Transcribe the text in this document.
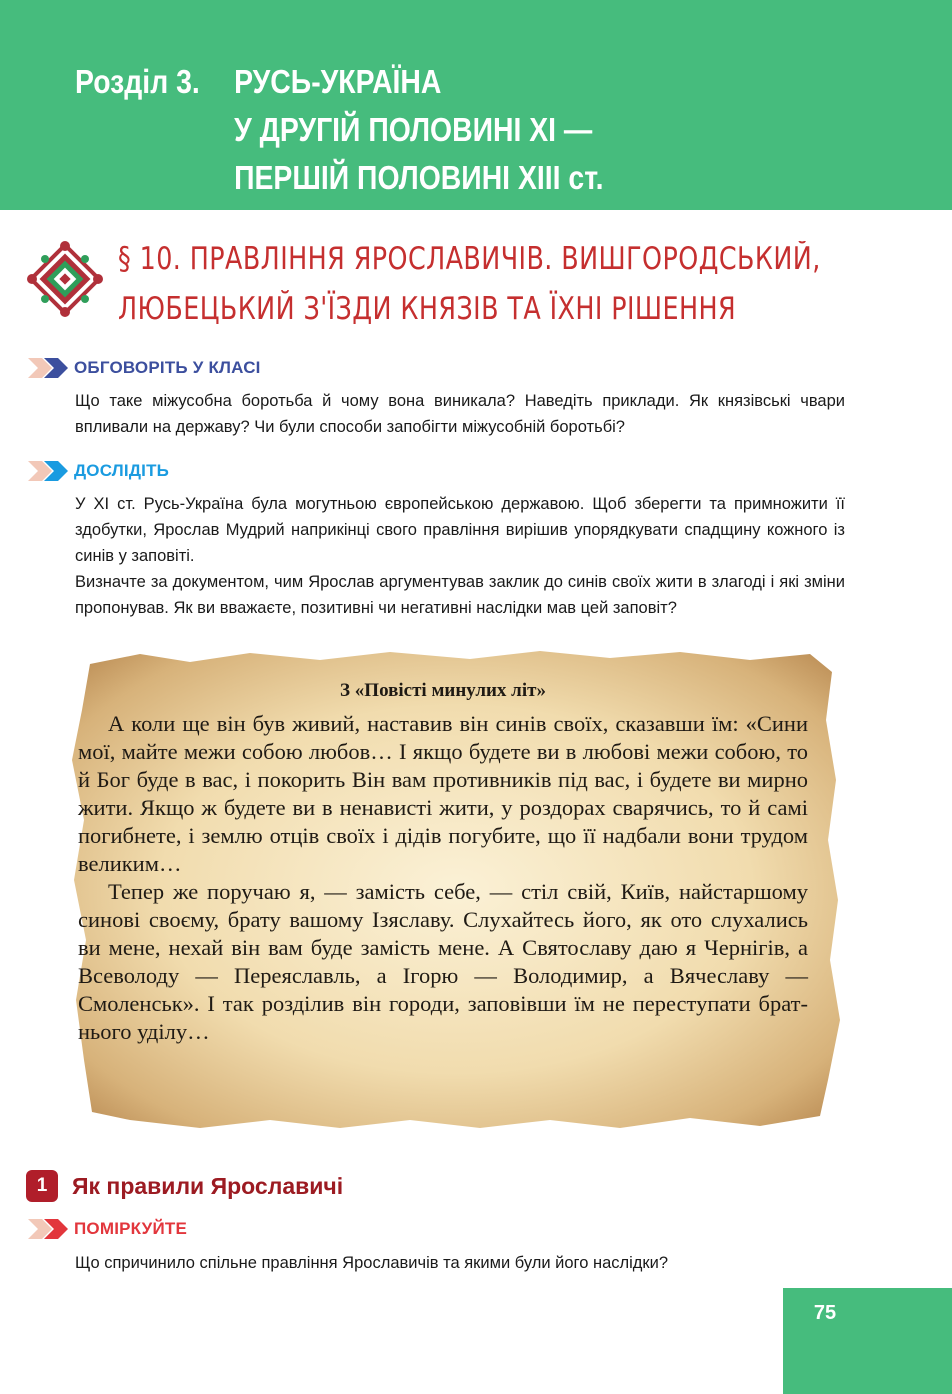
Розділ 3. РУСЬ-УКРАЇНА
У ДРУГІЙ ПОЛОВИНІ XI —
ПЕРШІЙ ПОЛОВИНІ XIII ст.
§ 10. ПРАВЛІННЯ ЯРОСЛАВИЧІВ. ВИШГОРОДСЬКИЙ,
ЛЮБЕЦЬКИЙ З'ЇЗДИ КНЯЗІВ ТА ЇХНІ РІШЕННЯ
ОБГОВОРІТЬ У КЛАСІ

Що таке міжусобна боротьба й чому вона виникала? Наведіть приклади. Як князівські чвари впливали на державу? Чи були способи запобігти міжусобній боротьбі?

ДОСЛІДІТЬ

У XI ст. Русь-Україна була могутньою європейською державою. Щоб зберегти та примножити її здобутки, Ярослав Мудрий наприкінці свого правління вирішив упорядкувати спадщину кожного із синів у заповіті.

Визначте за документом, чим Ярослав аргументував заклик до синів своїх жити в злагоді і які зміни пропонував. Як ви вважаєте, позитивні чи негативні наслідки мав цей заповіт?

З «Повісті минулих літ»

А коли ще він був живий, наставив він синів своїх, сказавши їм: «Сини мої, майте межи собою любов… І якщо будете ви в любові межи собою, то й Бог буде в вас, і покорить Він вам противників під вас, і будете ви мирно жити. Якщо ж будете ви в ненависті жити, у роздорах сварячись, то й самі погибнете, і землю отців своїх і дідів погубите, що її надбали вони трудом великим…

Тепер же поручаю я, — замість себе, — стіл свій, Київ, найстаршому синові своєму, брату вашому Ізяславу. Слухайтесь його, як ото слухались ви мене, нехай він вам буде замість мене. А Святославу даю я Чернігів, а Всеволоду — Переяславль, а Ігорю — Володимир, а Вячеславу — Смоленськ». І так розділив він городи, заповівши їм не переступати братнього уділу…

1	Як правили Ярославичі
ПОМІРКУЙТЕ

Що спричинило спільне правління Ярославичів та якими були його наслідки?

75
